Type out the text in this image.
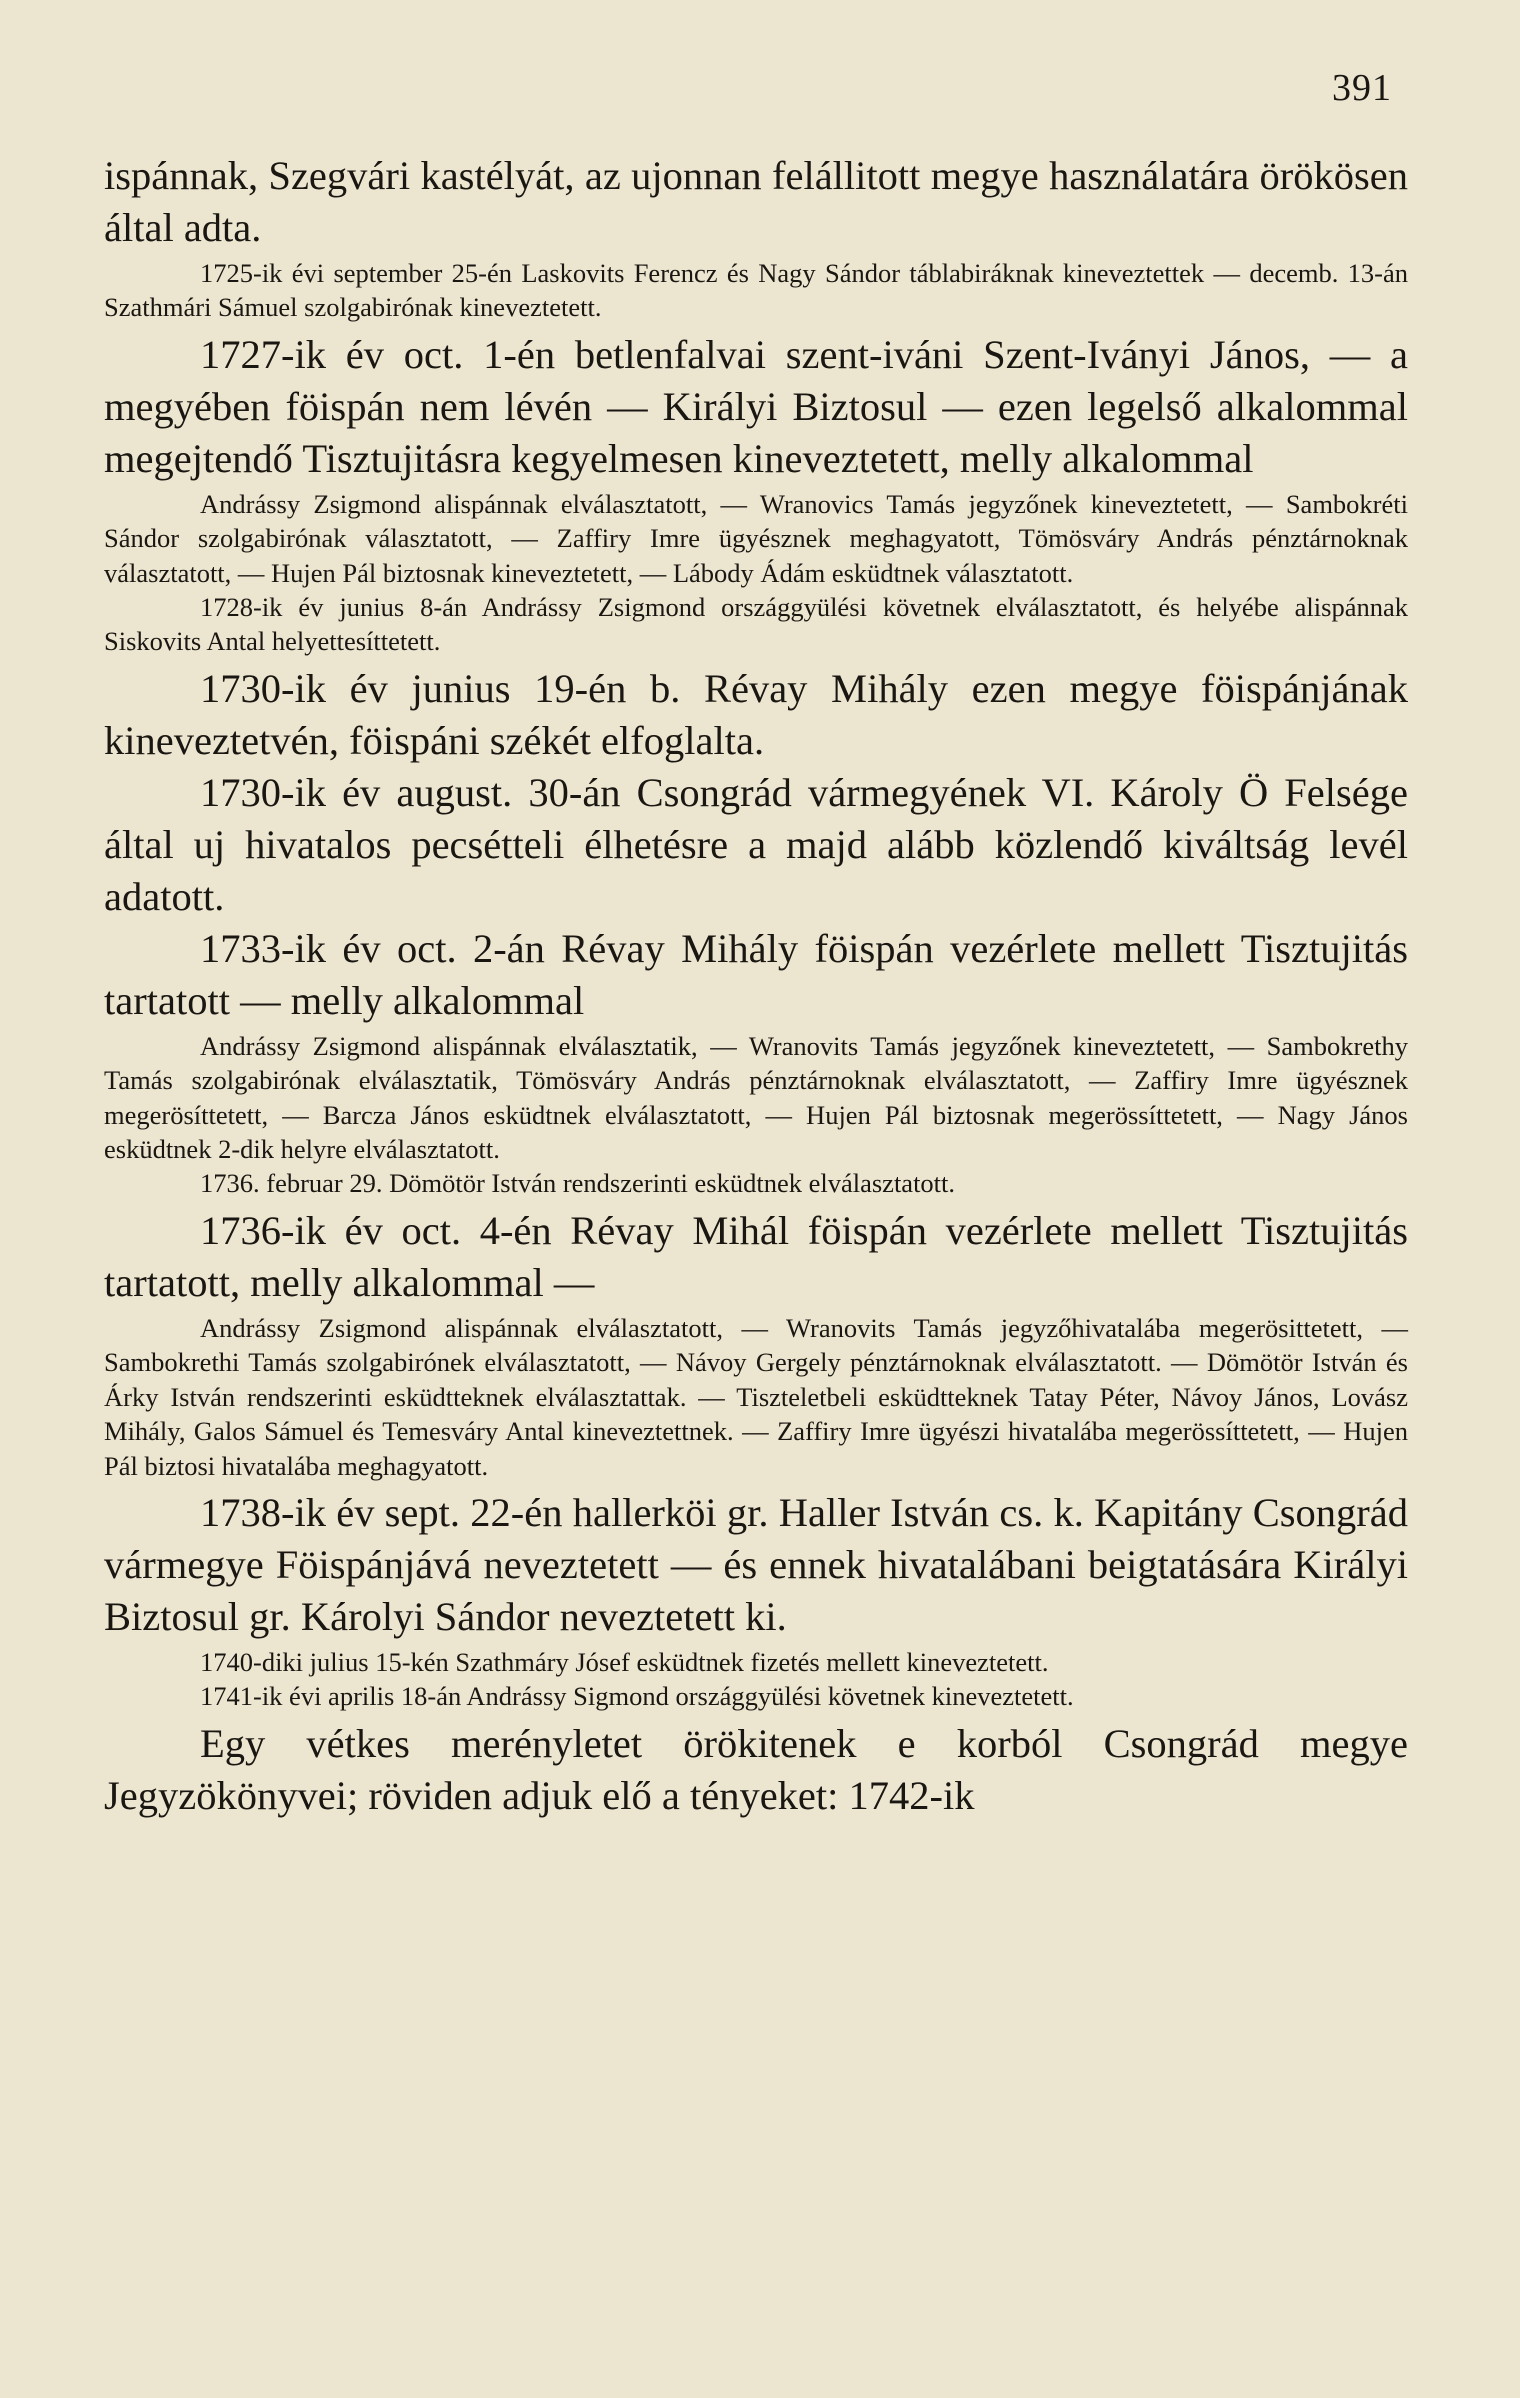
391

ispánnak, Szegvári kastélyát, az ujonnan felállitott megye használatára örökösen által adta.

1725-ik évi september 25-én Laskovits Ferencz és Nagy Sándor táblabiráknak kineveztettek — decemb. 13-án Szathmári Sámuel szolgabirónak kineveztetett.

1727-ik év oct. 1-én betlenfalvai szent-iváni Szent-Iványi János, — a megyében föispán nem lévén — Királyi Biztosul — ezen legelső alkalommal megejtendő Tisztujitásra kegyelmesen kineveztetett, melly alkalommal

Andrássy Zsigmond alispánnak elválasztatott, — Wranovics Tamás jegyzőnek kineveztetett, — Sambokréti Sándor szolgabirónak választatott, — Zaffiry Imre ügyésznek meghagyatott, Tömösváry András pénztárnoknak választatott, — Hujen Pál biztosnak kineveztetett, — Lábody Ádám esküdtnek választatott.

1728-ik év junius 8-án Andrássy Zsigmond országgyülési követnek elválasztatott, és helyébe alispánnak Siskovits Antal helyettesíttetett.

1730-ik év junius 19-én b. Révay Mihály ezen megye föispánjának kineveztetvén, föispáni székét elfoglalta.

1730-ik év august. 30-án Csongrád vármegyének VI. Károly Ö Felsége által uj hivatalos pecsétteli élhetésre a majd alább közlendő kiváltság levél adatott.

1733-ik év oct. 2-án Révay Mihály föispán vezérlete mellett Tisztujitás tartatott — melly alkalommal

Andrássy Zsigmond alispánnak elválasztatik, — Wranovits Tamás jegyzőnek kineveztetett, — Sambokrethy Tamás szolgabirónak elválasztatik, Tömösváry András pénztárnoknak elválasztatott, — Zaffiry Imre ügyésznek megerösíttetett, — Barcza János esküdtnek elválasztatott, — Hujen Pál biztosnak megerössíttetett, — Nagy János esküdtnek 2-dik helyre elválasztatott.

1736. februar 29. Dömötör István rendszerinti esküdtnek elválasztatott.

1736-ik év oct. 4-én Révay Mihál föispán vezérlete mellett Tisztujitás tartatott, melly alkalommal —

Andrássy Zsigmond alispánnak elválasztatott, — Wranovits Tamás jegyzőhivatalába megerösittetett, — Sambokrethi Tamás szolgabirónek elválasztatott, — Návoy Gergely pénztárnoknak elválasztatott. — Dömötör István és Árky István rendszerinti esküdtteknek elválasztattak. — Tiszteletbeli esküdtteknek Tatay Péter, Návoy János, Lovász Mihály, Galos Sámuel és Temesváry Antal kineveztettnek. — Zaffiry Imre ügyészi hivatalába megerössíttetett, — Hujen Pál biztosi hivatalába meghagyatott.

1738-ik év sept. 22-én hallerköi gr. Haller István cs. k. Kapitány Csongrád vármegye Föispánjává neveztetett — és ennek hivatalábani beigtatására Királyi Biztosul gr. Károlyi Sándor neveztetett ki.

1740-diki julius 15-kén Szathmáry Jósef esküdtnek fizetés mellett kineveztetett.

1741-ik évi aprilis 18-án Andrássy Sigmond országgyülési követnek kineveztetett.

Egy vétkes merényletet örökitenek e korból Csongrád megye Jegyzökönyvei; röviden adjuk elő a tényeket: 1742-ik
